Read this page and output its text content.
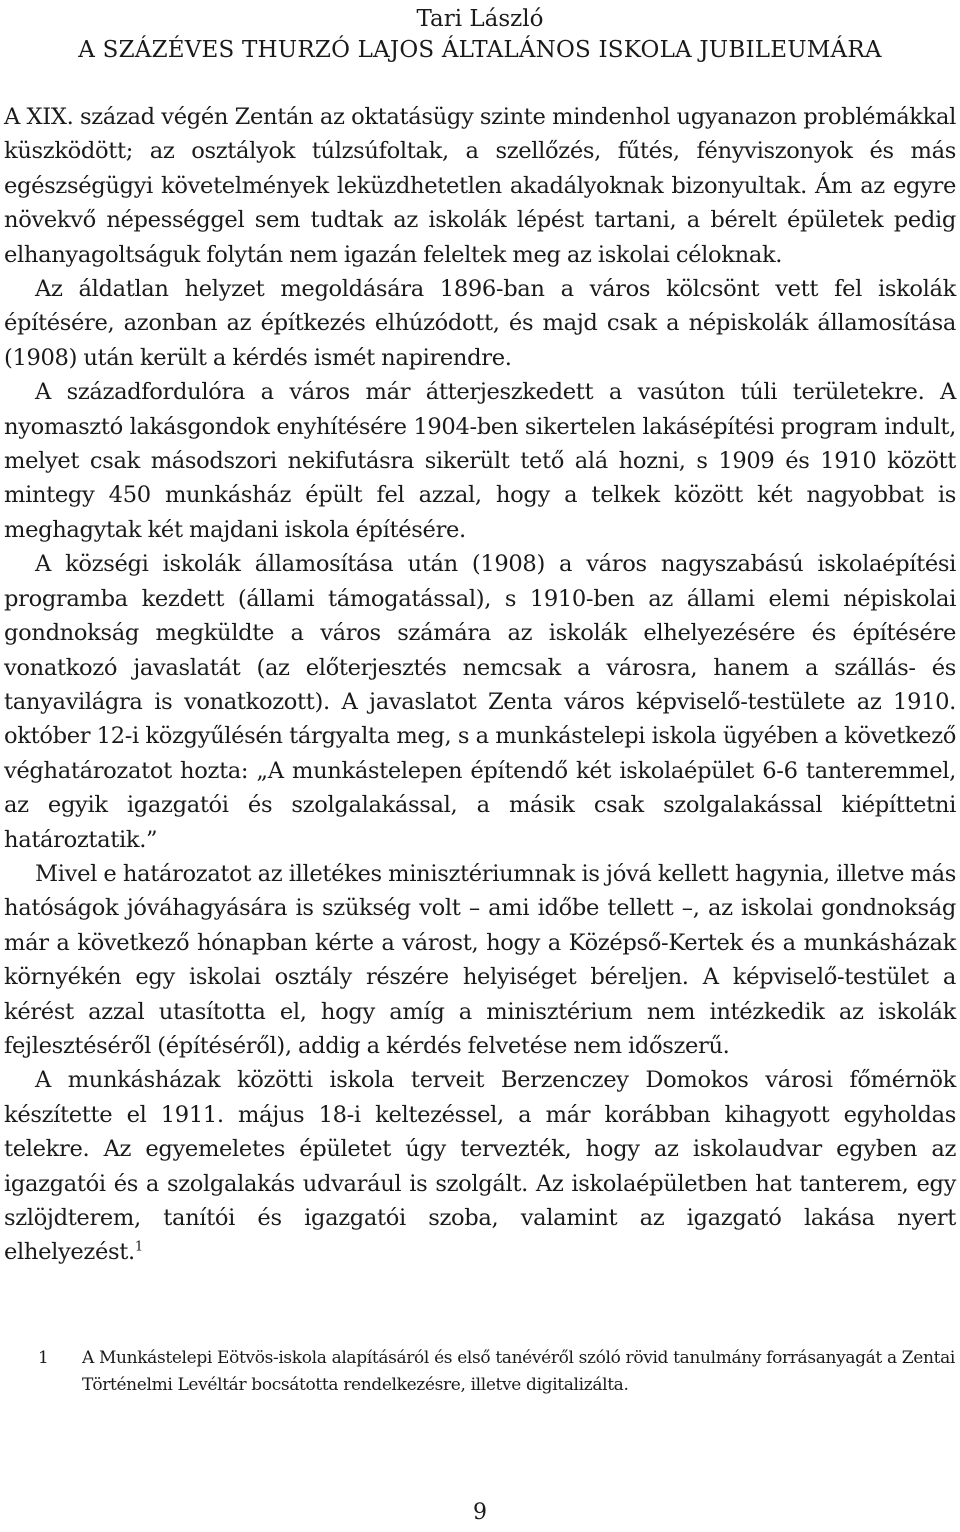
Tari László
A SZÁZÉVES THURZÓ LAJOS ÁLTALÁNOS ISKOLA JUBILEUMÁRA

A XIX. század végén Zentán az oktatásügy szinte mindenhol ugyanazon problémákkal küszködött; az osztályok túlzsúfoltak, a szellőzés, fűtés, fényviszonyok és más egészségügyi követelmények leküzdhetetlen akadályoknak bizonyultak. Ám az egyre növekvő népességgel sem tudtak az iskolák lépést tartani, a bérelt épületek pedig elhanyagoltságuk folytán nem igazán feleltek meg az iskolai céloknak.

Az áldatlan helyzet megoldására 1896-ban a város kölcsönt vett fel iskolák építésére, azonban az építkezés elhúzódott, és majd csak a népiskolák államosítása (1908) után került a kérdés ismét napirendre.

A századfordulóra a város már átterjeszkedett a vasúton túli területekre. A nyomasztó lakásgondok enyhítésére 1904-ben sikertelen lakásépítési program indult, melyet csak másodszori nekifutásra sikerült tető alá hozni, s 1909 és 1910 között mintegy 450 munkásház épült fel azzal, hogy a telkek között két nagyobbat is meghagytak két majdani iskola építésére.

A községi iskolák államosítása után (1908) a város nagyszabású iskolaépítési programba kezdett (állami támogatással), s 1910-ben az állami elemi népiskolai gondnokság megküldte a város számára az iskolák elhelyezésére és építésére vonatkozó javaslatát (az előterjesztés nemcsak a városra, hanem a szállás- és tanyavilágra is vonatkozott). A javaslatot Zenta város képviselő-testülete az 1910. október 12-i közgyűlésén tárgyalta meg, s a munkástelepi iskola ügyében a következő véghatározatot hozta: „A munkástelepen építendő két iskolaépület 6-6 tanteremmel, az egyik igazgatói és szolgalakással, a másik csak szolgalakással kiépíttetni határoztatik.”

Mivel e határozatot az illetékes minisztériumnak is jóvá kellett hagynia, illetve más hatóságok jóváhagyására is szükség volt – ami időbe tellett –, az iskolai gondnokság már a következő hónapban kérte a várost, hogy a Középső-Kertek és a munkásházak környékén egy iskolai osztály részére helyiséget béreljen. A képviselő-testület a kérést azzal utasította el, hogy amíg a minisztérium nem intézkedik az iskolák fejlesztéséről (építéséről), addig a kérdés felvetése nem időszerű.

A munkásházak közötti iskola terveit Berzenczey Domokos városi főmérnök készítette el 1911. május 18-i keltezéssel, a már korábban kihagyott egyholdas telekre. Az egyemeletes épületet úgy tervezték, hogy az iskolaudvar egyben az igazgatói és a szolgalakás udvarául is szolgált. Az iskolaépületben hat tanterem, egy szlöjdterem, tanítói és igazgatói szoba, valamint az igazgató lakása nyert elhelyezést.$^1$

1	A Munkástelepi Eötvös-iskola alapításáról és első tanévéről szóló rövid tanulmány forrásanyagát a Zentai Történelmi Levéltár bocsátotta rendelkezésre, illetve digitalizálta.
9
